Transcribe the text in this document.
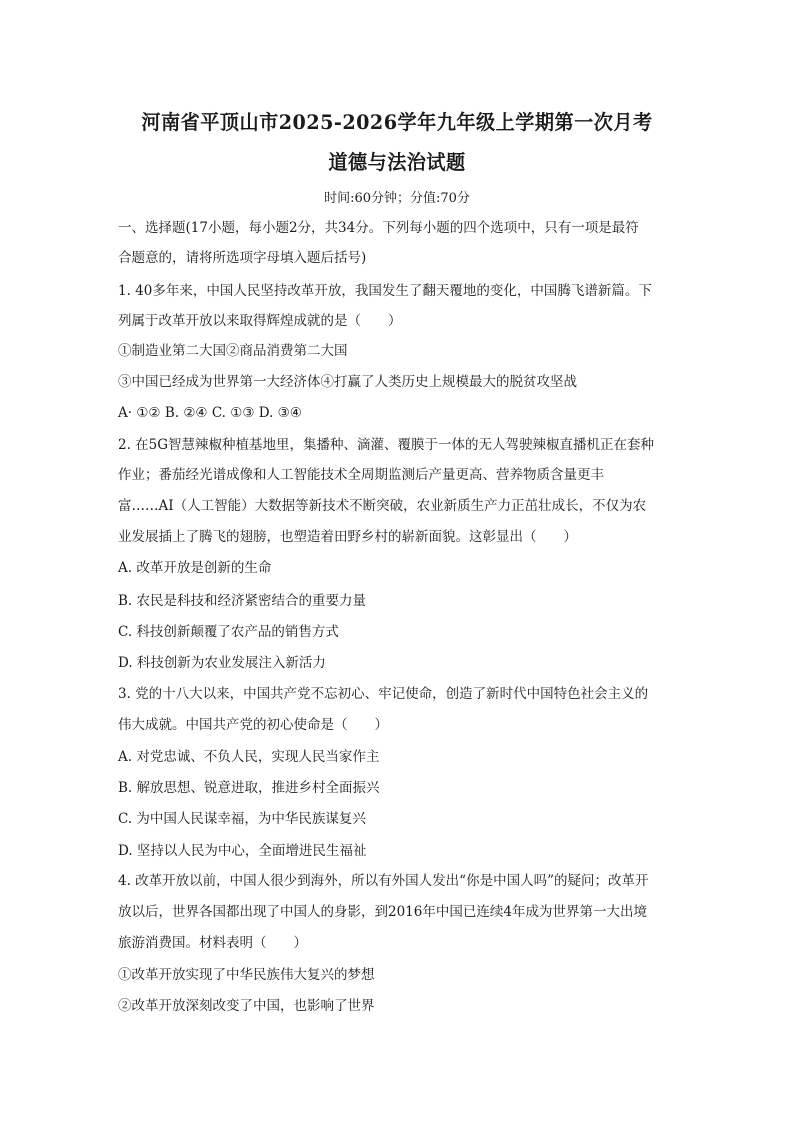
河南省平顶山市2025-2026学年九年级上学期第一次月考
道德与法治试题
时间:60分钟；分值:70分
一、选择题(17小题，每小题2分，共34分。下列每小题的四个选项中，只有一项是最符
合题意的，请将所选项字母填入题后括号)
1. 40多年来，中国人民坚持改革开放，我国发生了翻天覆地的变化，中国腾飞谱新篇。下
列属于改革开放以来取得辉煌成就的是（　　）
①制造业第二大国②商品消费第二大国
③中国已经成为世界第一大经济体④打赢了人类历史上规模最大的脱贫攻坚战
A· ①② B. ②④ C. ①③ D. ③④
2. 在5G智慧辣椒种植基地里，集播种、滴灌、覆膜于一体的无人驾驶辣椒直播机正在套种
作业；番茄经光谱成像和人工智能技术全周期监测后产量更高、营养物质含量更丰
富……AI（人工智能）大数据等新技术不断突破，农业新质生产力正茁壮成长，不仅为农
业发展插上了腾飞的翅膀，也塑造着田野乡村的崭新面貌。这彰显出（　　）
A. 改革开放是创新的生命
B. 农民是科技和经济紧密结合的重要力量
C. 科技创新颠覆了农产品的销售方式
D. 科技创新为农业发展注入新活力
3. 党的十八大以来，中国共产党不忘初心、牢记使命，创造了新时代中国特色社会主义的
伟大成就。中国共产党的初心使命是（　　）
A. 对党忠诚、不负人民，实现人民当家作主
B. 解放思想、锐意进取，推进乡村全面振兴
C. 为中国人民谋幸福，为中华民族谋复兴
D. 坚持以人民为中心，全面增进民生福祉
4. 改革开放以前，中国人很少到海外，所以有外国人发出“你是中国人吗”的疑问；改革开
放以后，世界各国都出现了中国人的身影，到2016年中国已连续4年成为世界第一大出境
旅游消费国。材料表明（　　）
①改革开放实现了中华民族伟大复兴的梦想
②改革开放深刻改变了中国，也影响了世界
